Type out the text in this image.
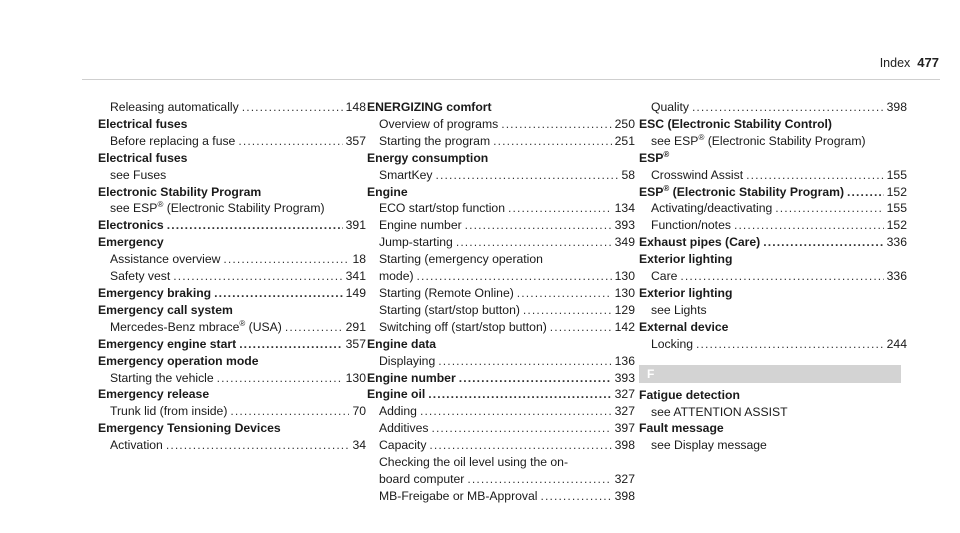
Index 477
Releasing automatically .....	148
Electrical fuses
Before replacing a fuse .....	357
Electrical fuses
see Fuses
Electronic Stability Program
see ESP® (Electronic Stability Program)
Electronics .....	391
Emergency
Assistance overview .....	18
Safety vest .....	341
Emergency braking .....	149
Emergency call system
Mercedes-Benz mbrace® (USA) .....	291
Emergency engine start .....	357
Emergency operation mode
Starting the vehicle .....	130
Emergency release
Trunk lid (from inside) .....	70
Emergency Tensioning Devices
Activation .....	34
ENERGIZING comfort
Overview of programs .....	250
Starting the program .....	251
Energy consumption
SmartKey .....	58
Engine
ECO start/stop function .....	134
Engine number .....	393
Jump-starting .....	349
Starting (emergency operation
mode) .....	130
Starting (Remote Online) .....	130
Starting (start/stop button) .....	129
Switching off (start/stop button) .....	142
Engine data
Displaying .....	136
Engine number .....	393
Engine oil .....	327
Adding .....	327
Additives .....	397
Capacity .....	398
Checking the oil level using the on-
board computer .....	327
MB-Freigabe or MB-Approval .....	398
Quality .....	398
ESC (Electronic Stability Control)
see ESP® (Electronic Stability Program)
ESP®
Crosswind Assist .....	155
ESP® (Electronic Stability Program) .....	152
Activating/deactivating .....	155
Function/notes .....	152
Exhaust pipes (Care) .....	336
Exterior lighting
Care .....	336
Exterior lighting
see Lights
External device
Locking .....	244
F
Fatigue detection
see ATTENTION ASSIST
Fault message
see Display message
